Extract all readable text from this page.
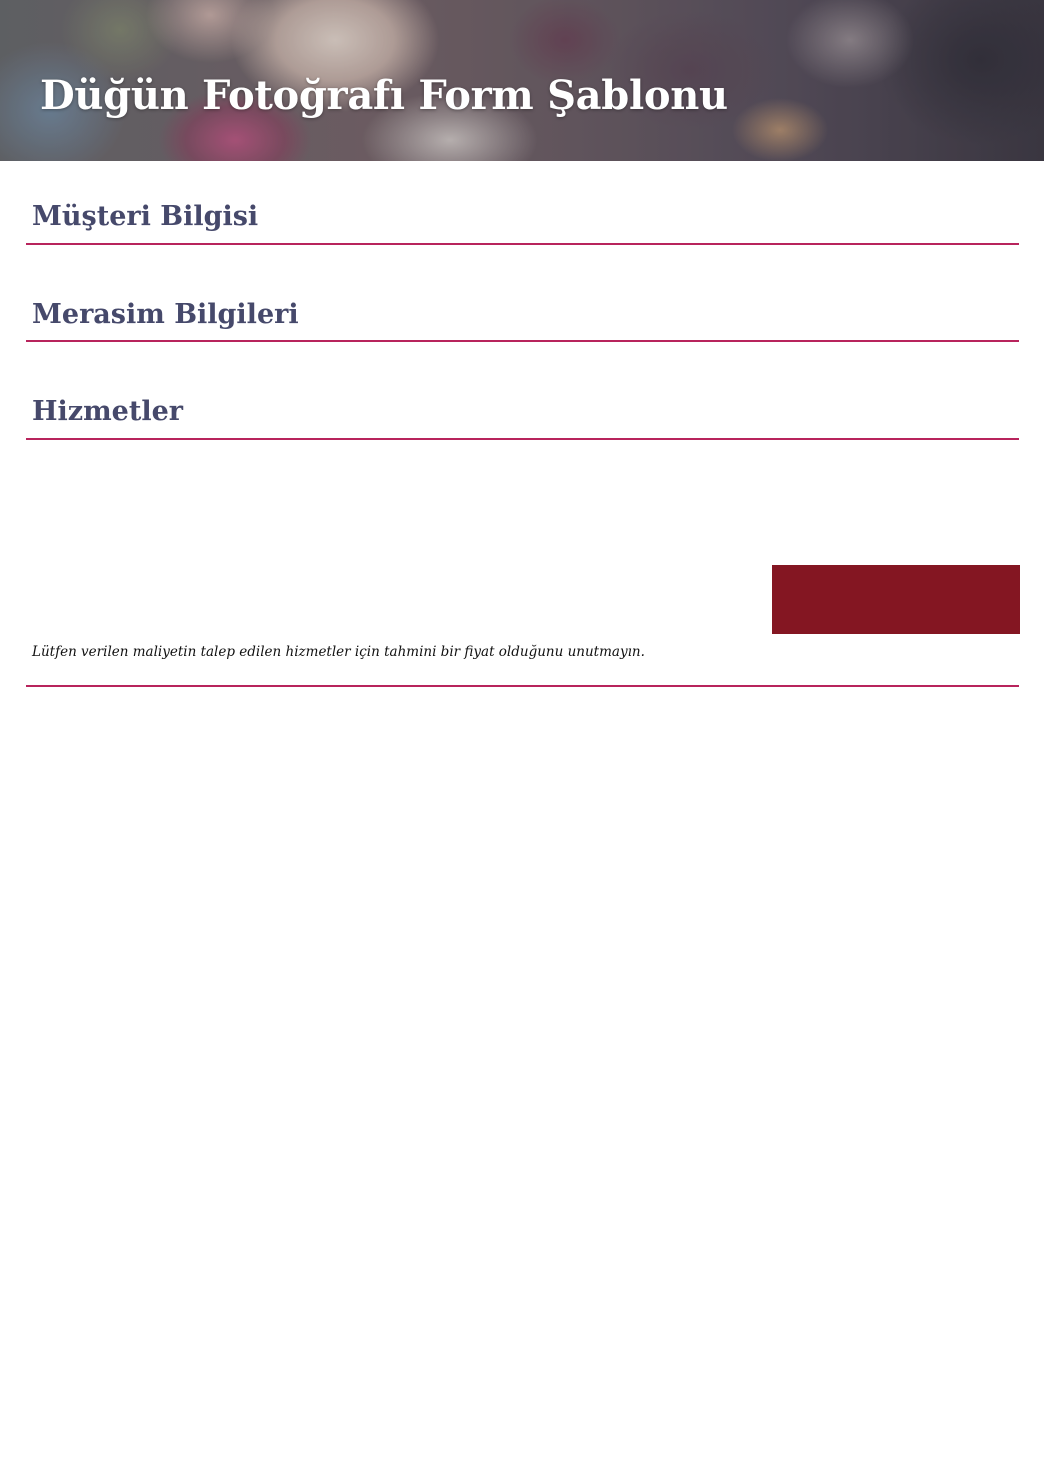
Düğün Fotoğrafı Form Şablonu
Müşteri Bilgisi
Merasim Bilgileri
Hizmetler

Lütfen verilen maliyetin talep edilen hizmetler için tahmini bir fiyat olduğunu unutmayın.
